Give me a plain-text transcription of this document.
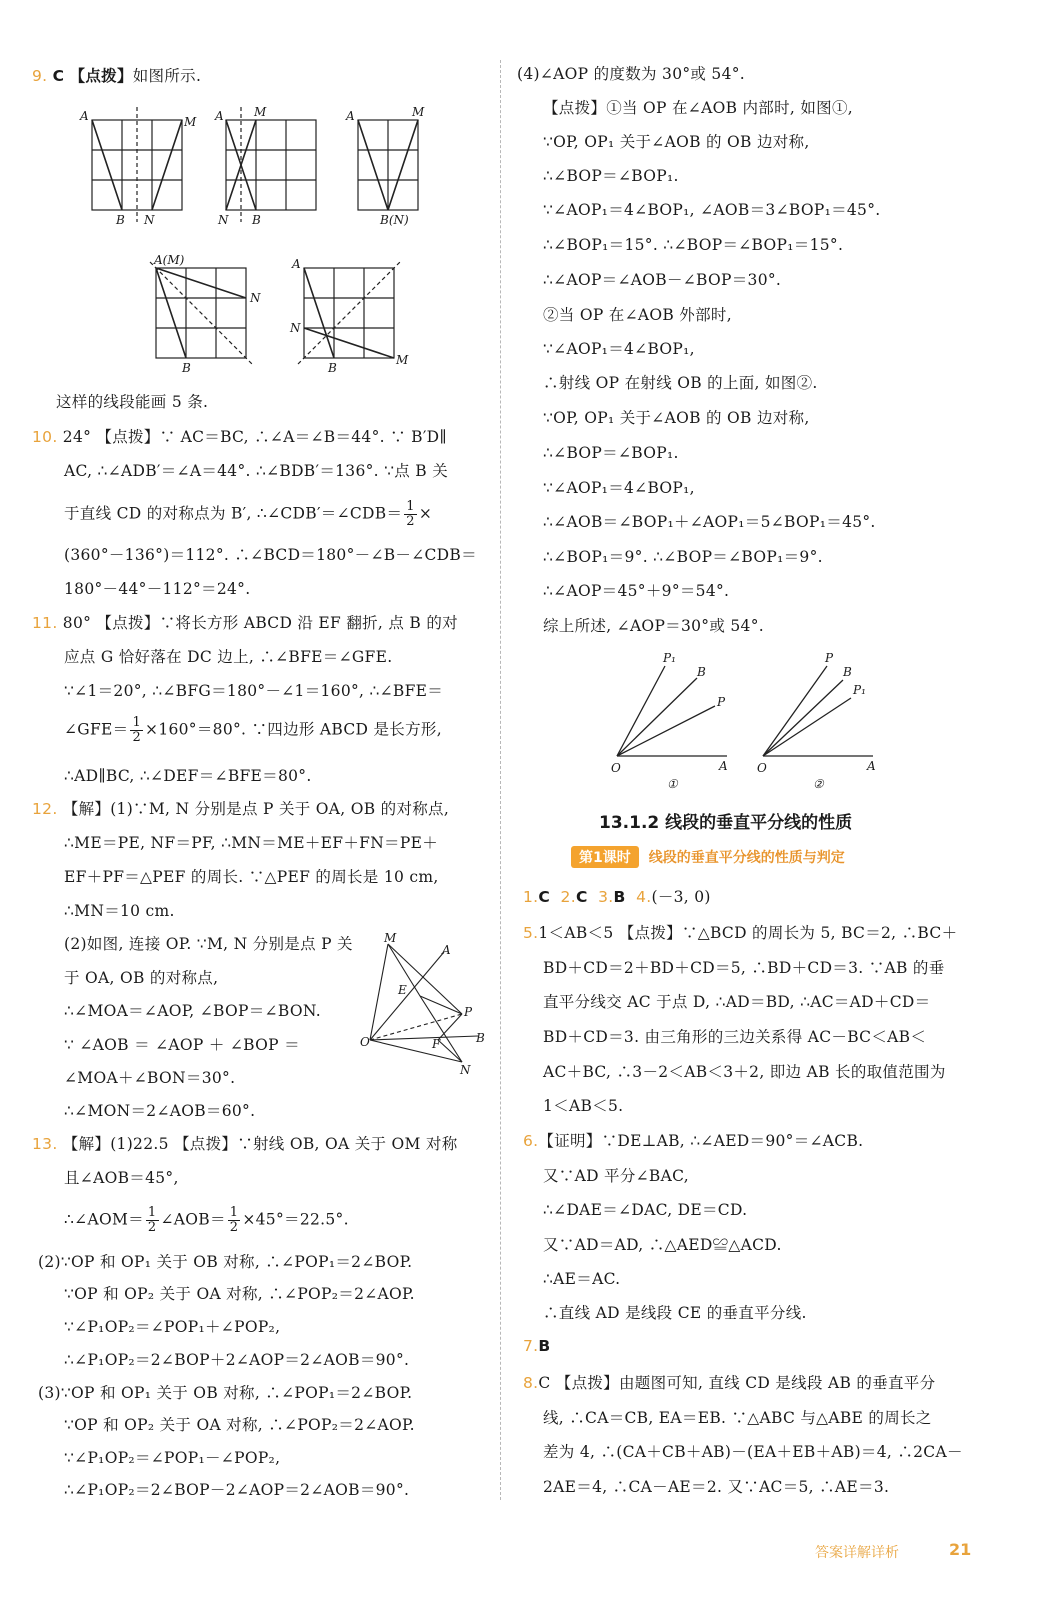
9. C 【点拨】如图所示.
A	M
B N
A	M
N B
A	M
B(N)
A(M)
N
B
A
N
B
M
这样的线段能画 5 条.
10. 24° 【点拨】∵ AC＝BC, ∴∠A＝∠B＝44°. ∵ B′D∥
AC, ∴∠ADB′＝∠A＝44°. ∴∠BDB′＝136°. ∵点 B 关
于直线 CD 的对称点为 B′, ∴∠CDB′＝∠CDB＝ $\frac{1}{2}$ ×
(360°－136°)＝112°. ∴∠BCD＝180°－∠B－∠CDB＝
180°－44°－112°＝24°.
11. 80° 【点拨】∵将长方形 ABCD 沿 EF 翻折, 点 B 的对
应点 G 恰好落在 DC 边上, ∴∠BFE＝∠GFE.
∵∠1＝20°, ∴∠BFG＝180°－∠1＝160°, ∴∠BFE＝
∠GFE＝ $\frac{1}{2} \times 160^\circ=80^\circ$. ∵四边形 ABCD 是长方形,
∴AD∥BC, ∴∠DEF＝∠BFE＝80°.
12. 【解】(1)∵M, N 分别是点 P 关于 OA, OB 的对称点,
∴ME＝PE, NF＝PF, ∴MN＝ME＋EF＋FN＝PE＋
EF＋PF＝△PEF 的周长. ∵△PEF 的周长是 10 cm,
∴MN＝10 cm.
(2)如图, 连接 OP. ∵M, N 分别是点 P 关
于 OA, OB 的对称点,
∴∠MOA＝∠AOP, ∠BOP＝∠BON.
∵ ∠AOB ＝ ∠AOP ＋ ∠BOP ＝
∠MOA＋∠BON＝30°.
∴∠MON＝2∠AOB＝60°.
M
A
E
P
O	F	B
N
13. 【解】(1)22.5 【点拨】∵射线 OB, OA 关于 OM 对称
且∠AOB＝45°,
∴∠AOM＝ $\frac{1}{2}$ ∠AOB＝ $\frac{1}{2} \times 45^\circ=22.5^\circ$.
(2)∵OP 和 OP₁ 关于 OB 对称, ∴∠POP₁＝2∠BOP.
∵OP 和 OP₂ 关于 OA 对称, ∴∠POP₂＝2∠AOP.
∵∠P₁OP₂＝∠POP₁＋∠POP₂,
∴∠P₁OP₂＝2∠BOP＋2∠AOP＝2∠AOB＝90°.
(3)∵OP 和 OP₁ 关于 OB 对称, ∴∠POP₁＝2∠BOP.
∵OP 和 OP₂ 关于 OA 对称, ∴∠POP₂＝2∠AOP.
∵∠P₁OP₂＝∠POP₁－∠POP₂,
∴∠P₁OP₂＝2∠BOP－2∠AOP＝2∠AOB＝90°.
(4)∠AOP 的度数为 30°或 54°.
【点拨】①当 OP 在∠AOB 内部时, 如图①,
∵OP, OP₁ 关于∠AOB 的 OB 边对称,
∴∠BOP＝∠BOP₁.
∵∠AOP₁＝4∠BOP₁, ∠AOB＝3∠BOP₁＝45°.
∴∠BOP₁＝15°. ∴∠BOP＝∠BOP₁＝15°.
∴∠AOP＝∠AOB－∠BOP＝30°.
②当 OP 在∠AOB 外部时,
∵∠AOP₁＝4∠BOP₁,
∴射线 OP 在射线 OB 的上面, 如图②.
∵OP, OP₁ 关于∠AOB 的 OB 边对称,
∴∠BOP＝∠BOP₁.
∵∠AOP₁＝4∠BOP₁,
∴∠AOB＝∠BOP₁＋∠AOP₁＝5∠BOP₁＝45°.
∴∠BOP₁＝9°. ∴∠BOP＝∠BOP₁＝9°.
∴∠AOP＝45°＋9°＝54°.
综上所述, ∠AOP＝30°或 54°.
P₁
B
P
O	A
①
P
B
P₁
O	A
②
13.1.2 线段的垂直平分线的性质
第1课时 线段的垂直平分线的性质与判定
1.C 2.C 3.B 4.(－3, 0)
5.1＜AB＜5 【点拨】∵△BCD 的周长为 5, BC＝2, ∴BC＋
BD＋CD＝2＋BD＋CD＝5, ∴BD＋CD＝3. ∵AB 的垂
直平分线交 AC 于点 D, ∴AD＝BD, ∴AC＝AD＋CD＝
BD＋CD＝3. 由三角形的三边关系得 AC－BC＜AB＜
AC＋BC, ∴3－2＜AB＜3＋2, 即边 AB 长的取值范围为
1＜AB＜5.
6.【证明】∵DE⊥AB, ∴∠AED＝90°＝∠ACB.
又∵AD 平分∠BAC,
∴∠DAE＝∠DAC, DE＝CD.
又∵AD＝AD, ∴△AED≌△ACD.
∴AE＝AC.
∴直线 AD 是线段 CE 的垂直平分线.
7.B
8.C 【点拨】由题图可知, 直线 CD 是线段 AB 的垂直平分
线, ∴CA＝CB, EA＝EB. ∵△ABC 与△ABE 的周长之
差为 4, ∴(CA＋CB＋AB)－(EA＋EB＋AB)＝4, ∴2CA－
2AE＝4, ∴CA－AE＝2. 又∵AC＝5, ∴AE＝3.
答案详解详析	21
